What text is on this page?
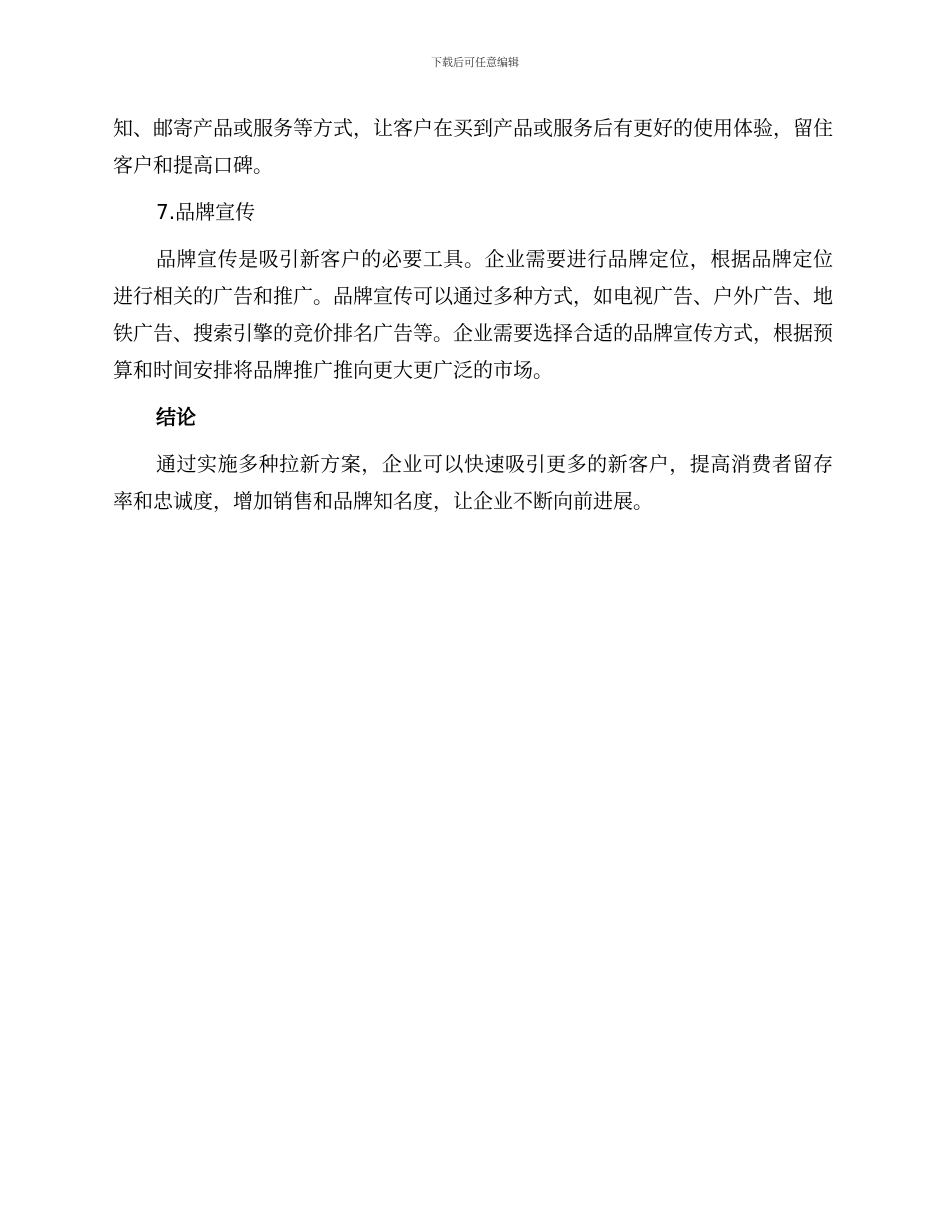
下载后可任意编辑

知、邮寄产品或服务等方式，让客户在买到产品或服务后有更好的使用体验，留住客户和提高口碑。

7.品牌宣传

品牌宣传是吸引新客户的必要工具。企业需要进行品牌定位，根据品牌定位进行相关的广告和推广。品牌宣传可以通过多种方式，如电视广告、户外广告、地铁广告、搜索引擎的竞价排名广告等。企业需要选择合适的品牌宣传方式，根据预算和时间安排将品牌推广推向更大更广泛的市场。

结论

通过实施多种拉新方案，企业可以快速吸引更多的新客户，提高消费者留存率和忠诚度，增加销售和品牌知名度，让企业不断向前进展。
